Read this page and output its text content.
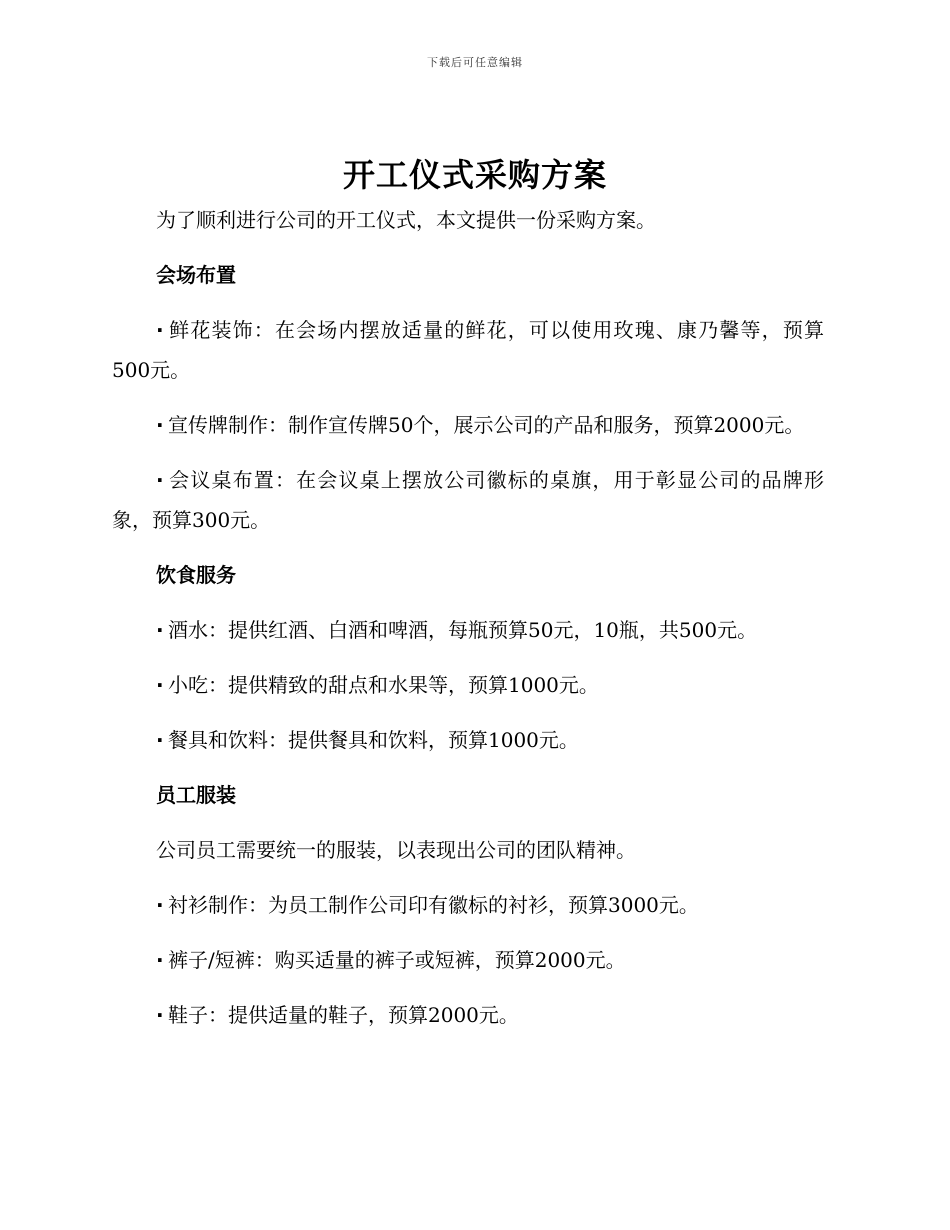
下载后可任意编辑
开工仪式采购方案

为了顺利进行公司的开工仪式，本文提供一份采购方案。

会场布置

· 鲜花装饰：在会场内摆放适量的鲜花，可以使用玫瑰、康乃馨等，预算500元。

· 宣传牌制作：制作宣传牌50个，展示公司的产品和服务，预算2000元。

· 会议桌布置：在会议桌上摆放公司徽标的桌旗，用于彰显公司的品牌形象，预算300元。

饮食服务

· 酒水：提供红酒、白酒和啤酒，每瓶预算50元，10瓶，共500元。

· 小吃：提供精致的甜点和水果等，预算1000元。

· 餐具和饮料：提供餐具和饮料，预算1000元。

员工服装

公司员工需要统一的服装，以表现出公司的团队精神。

· 衬衫制作：为员工制作公司印有徽标的衬衫，预算3000元。

· 裤子/短裤：购买适量的裤子或短裤，预算2000元。

· 鞋子：提供适量的鞋子，预算2000元。
